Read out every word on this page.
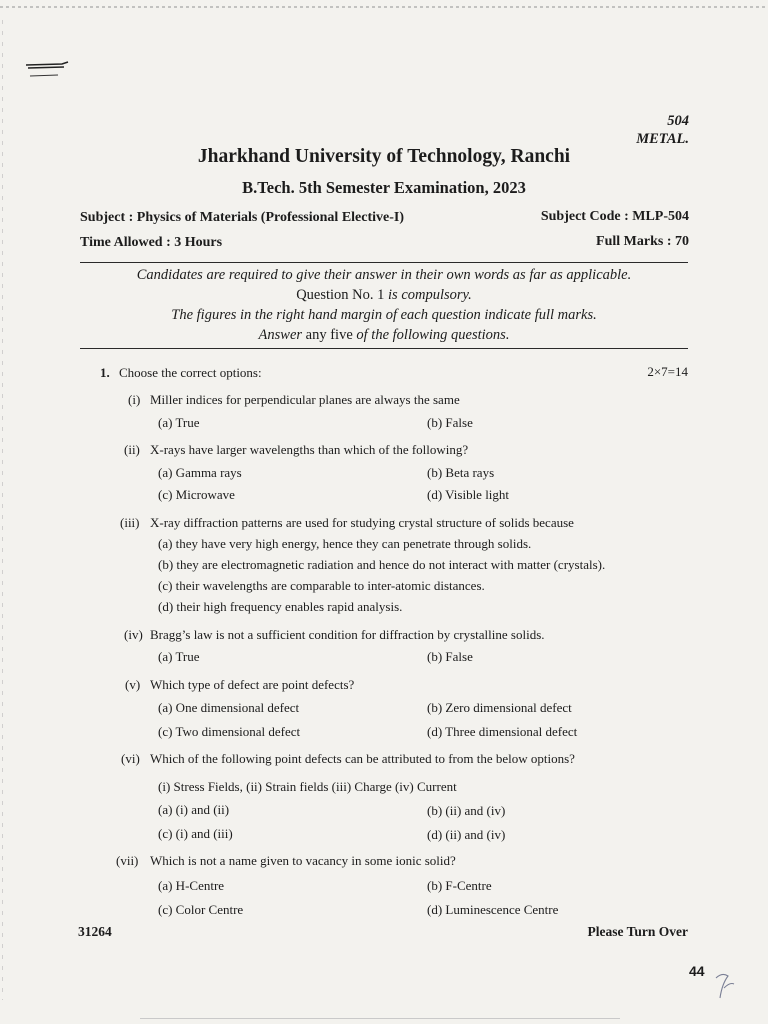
504
METAL.
Jharkhand University of Technology, Ranchi
B.Tech. 5th Semester Examination, 2023
Subject : Physics of Materials (Professional Elective-I)	Subject Code : MLP-504
Time Allowed : 3 Hours	Full Marks : 70
Candidates are required to give their answer in their own words as far as applicable.
Question No. 1 is compulsory.
The figures in the right hand margin of each question indicate full marks.
Answer any five of the following questions.
1. Choose the correct options:	2×7=14
(i) Miller indices for perpendicular planes are always the same
(a) True	(b) False
(ii) X-rays have larger wavelengths than which of the following?
(a) Gamma rays	(b) Beta rays
(c) Microwave	(d) Visible light
(iii) X-ray diffraction patterns are used for studying crystal structure of solids because
(a) they have very high energy, hence they can penetrate through solids.
(b) they are electromagnetic radiation and hence do not interact with matter (crystals).
(c) their wavelengths are comparable to inter-atomic distances.
(d) their high frequency enables rapid analysis.
(iv) Bragg’s law is not a sufficient condition for diffraction by crystalline solids.
(a) True	(b) False
(v) Which type of defect are point defects?
(a) One dimensional defect	(b) Zero dimensional defect
(c) Two dimensional defect	(d) Three dimensional defect
(vi) Which of the following point defects can be attributed to from the below options?
(i) Stress Fields, (ii) Strain fields (iii) Charge (iv) Current
(a) (i) and (ii)	(b) (ii) and (iv)
(c) (i) and (iii)	(d) (ii) and (iv)
(vii) Which is not a name given to vacancy in some ionic solid?
(a) H-Centre	(b) F-Centre
(c) Color Centre	(d) Luminescence Centre
31264	Please Turn Over
44
